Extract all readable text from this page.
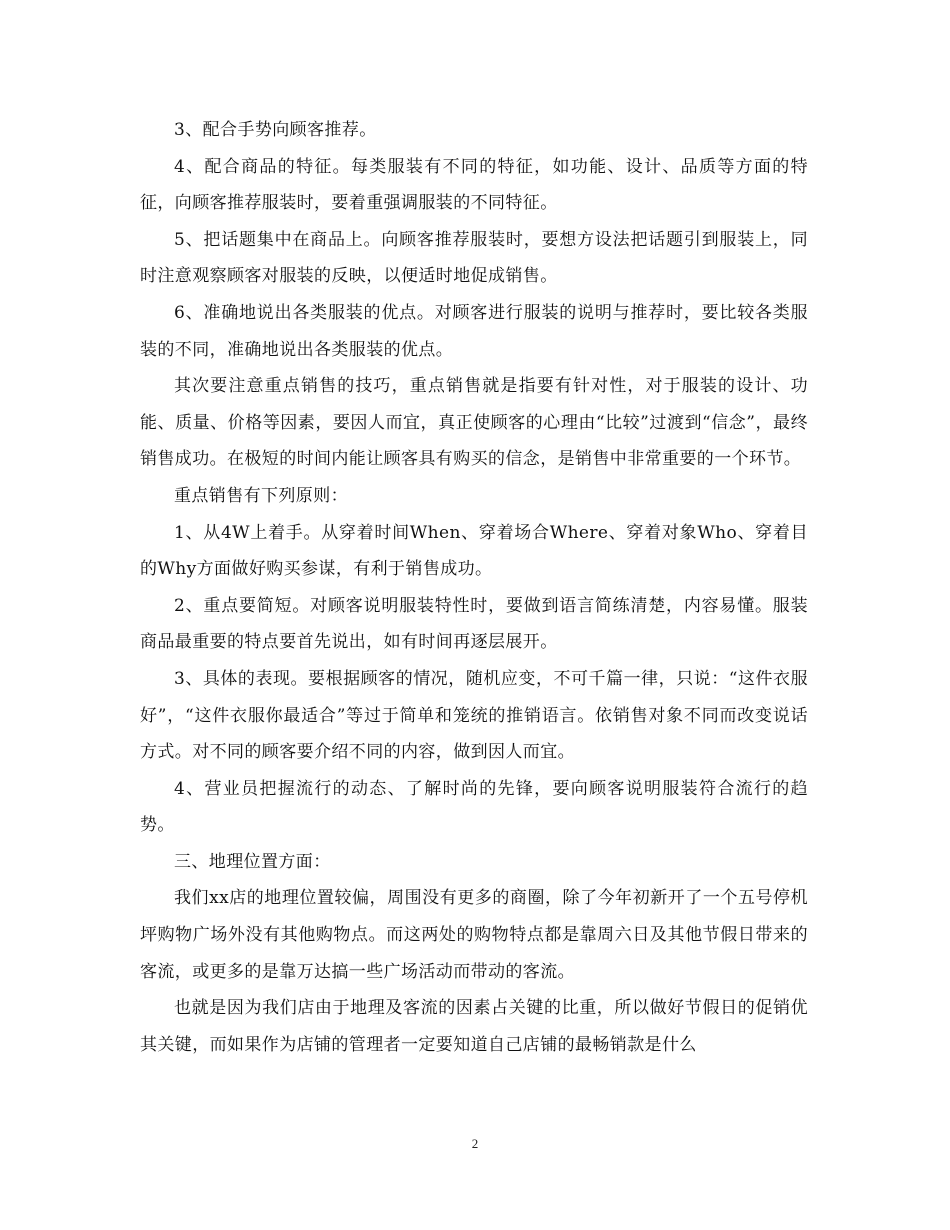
3、配合手势向顾客推荐。

4、配合商品的特征。每类服装有不同的特征，如功能、设计、品质等方面的特征，向顾客推荐服装时，要着重强调服装的不同特征。

5、把话题集中在商品上。向顾客推荐服装时，要想方设法把话题引到服装上，同时注意观察顾客对服装的反映，以便适时地促成销售。

6、准确地说出各类服装的优点。对顾客进行服装的说明与推荐时，要比较各类服装的不同，准确地说出各类服装的优点。

其次要注意重点销售的技巧，重点销售就是指要有针对性，对于服装的设计、功能、质量、价格等因素，要因人而宜，真正使顾客的心理由“比较”过渡到“信念”，最终销售成功。在极短的时间内能让顾客具有购买的信念，是销售中非常重要的一个环节。

重点销售有下列原则：

1、从4W上着手。从穿着时间When、穿着场合Where、穿着对象Who、穿着目的Why方面做好购买参谋，有利于销售成功。

2、重点要简短。对顾客说明服装特性时，要做到语言简练清楚，内容易懂。服装商品最重要的特点要首先说出，如有时间再逐层展开。

3、具体的表现。要根据顾客的情况，随机应变，不可千篇一律，只说：“这件衣服好”，“这件衣服你最适合”等过于简单和笼统的推销语言。依销售对象不同而改变说话方式。对不同的顾客要介绍不同的内容，做到因人而宜。

4、营业员把握流行的动态、了解时尚的先锋，要向顾客说明服装符合流行的趋势。

三、地理位置方面：

我们xx店的地理位置较偏，周围没有更多的商圈，除了今年初新开了一个五号停机坪购物广场外没有其他购物点。而这两处的购物特点都是靠周六日及其他节假日带来的客流，或更多的是靠万达搞一些广场活动而带动的客流。

也就是因为我们店由于地理及客流的因素占关键的比重，所以做好节假日的促销优其关键，而如果作为店铺的管理者一定要知道自己店铺的最畅销款是什么

2
